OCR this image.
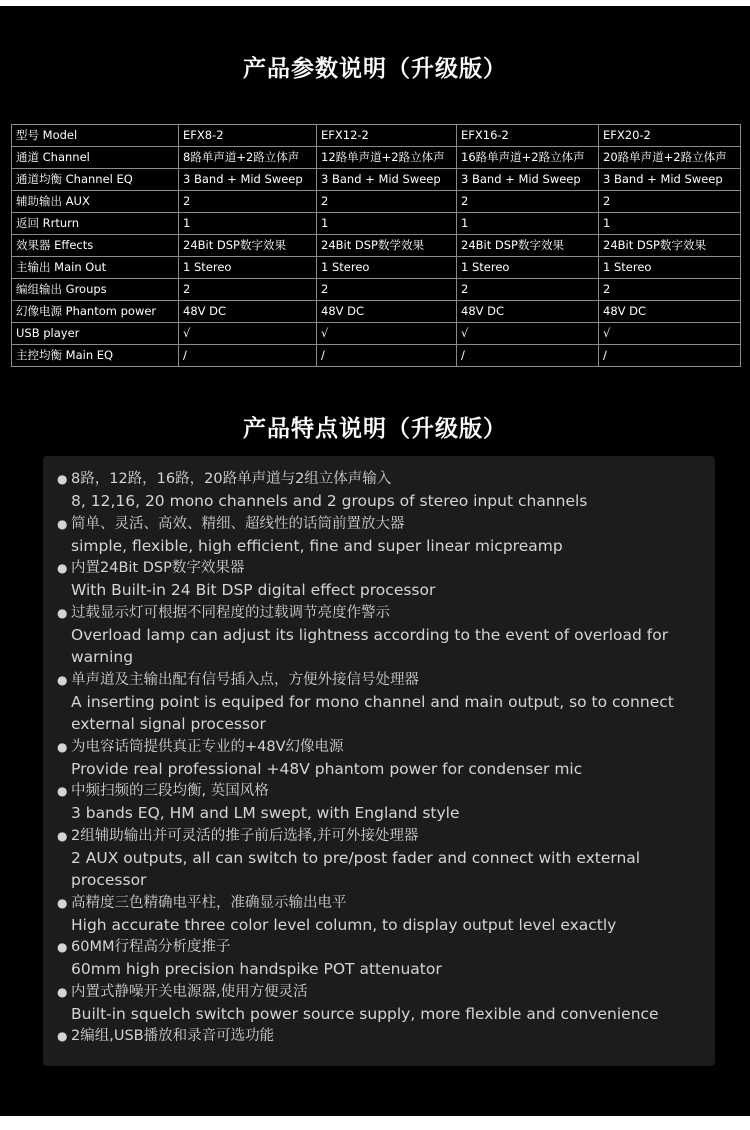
产品参数说明（升级版）
型号 Model	EFX8-2	EFX12-2	EFX16-2	EFX20-2
通道 Channel	8路单声道+2路立体声	12路单声道+2路立体声	16路单声道+2路立体声	20路单声道+2路立体声
通道均衡 Channel EQ	3 Band + Mid Sweep	3 Band + Mid Sweep	3 Band + Mid Sweep	3 Band + Mid Sweep
辅助输出 AUX	2	2	2	2
返回 Rrturn	1	1	1	1
效果器 Effects	24Bit DSP数字效果	24Bit DSP数学效果	24Bit DSP数字效果	24Bit DSP数字效果
主输出 Main Out	1 Stereo	1 Stereo	1 Stereo	1 Stereo
编组输出 Groups	2	2	2	2
幻像电源 Phantom power	48V DC	48V DC	48V DC	48V DC
USB player	√	√	√	√
主控均衡 Main EQ	/	/	/	/
产品特点说明（升级版）
● 8路，12路，16路，20路单声道与2组立体声输入
8, 12,16, 20 mono channels and 2 groups of stereo input channels
● 简单、灵活、高效、精细、超线性的话筒前置放大器
simple, flexible, high efficient, fine and super linear micpreamp
● 内置24Bit DSP数字效果器
With Built-in 24 Bit DSP digital effect processor
● 过载显示灯可根据不同程度的过载调节亮度作警示
Overload lamp can adjust its lightness according to the event of overload for warning
● 单声道及主输出配有信号插入点，方便外接信号处理器
A inserting point is equiped for mono channel and main output, so to connect external signal processor
● 为电容话筒提供真正专业的+48V幻像电源
Provide real professional +48V phantom power for condenser mic
● 中频扫频的三段均衡, 英国风格
3 bands EQ, HM and LM swept, with England style
● 2组辅助输出并可灵活的推子前后选择,并可外接处理器
2 AUX outputs, all can switch to pre/post fader and connect with external processor
● 高精度三色精确电平柱，准确显示输出电平
High accurate three color level column, to display output level exactly
● 60MM行程高分析度推子
60mm high precision handspike POT attenuator
● 内置式静噪开关电源器,使用方便灵活
Built-in squelch switch power source supply, more flexible and convenience
● 2编组,USB播放和录音可选功能
